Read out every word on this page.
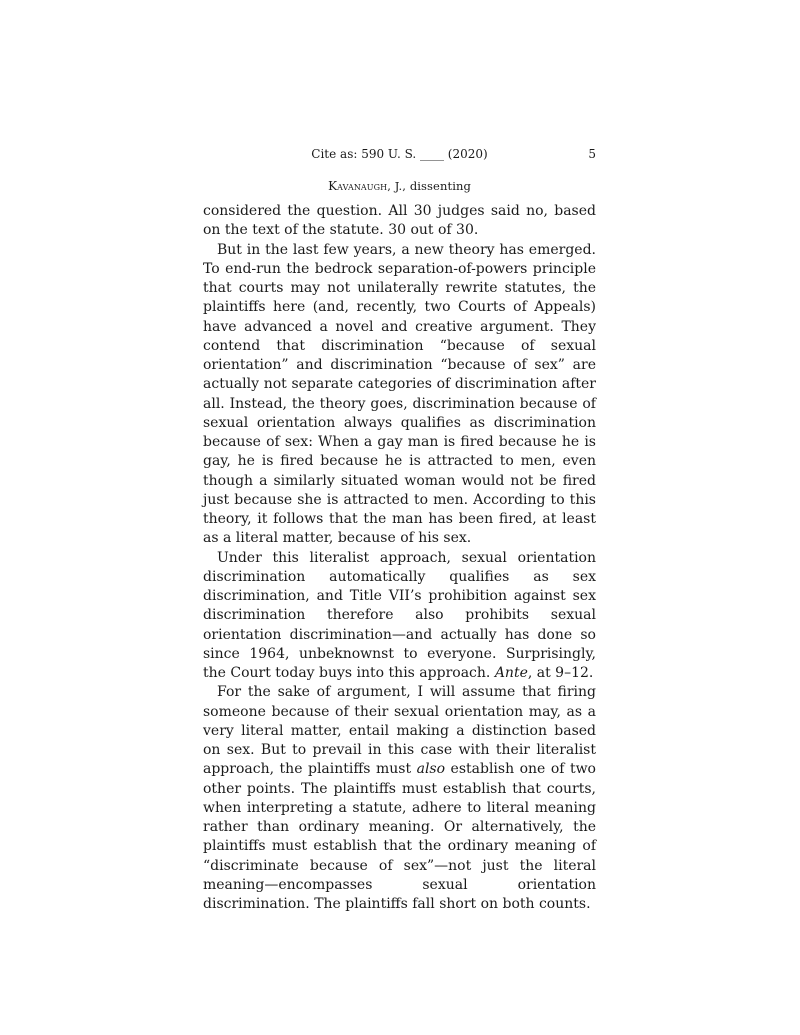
Cite as: 590 U. S. ____ (2020)	5
Kavanaugh, J., dissenting

considered the question. All 30 judges said no, based on the text of the statute. 30 out of 30.

But in the last few years, a new theory has emerged. To end-run the bedrock separation-of-powers principle that courts may not unilaterally rewrite statutes, the plaintiffs here (and, recently, two Courts of Appeals) have advanced a novel and creative argument. They contend that discrimination “because of sexual orientation” and discrimination “because of sex” are actually not separate categories of discrimination after all. Instead, the theory goes, discrimination because of sexual orientation always qualifies as discrimination because of sex: When a gay man is fired because he is gay, he is fired because he is attracted to men, even though a similarly situated woman would not be fired just because she is attracted to men. According to this theory, it follows that the man has been fired, at least as a literal matter, because of his sex.

Under this literalist approach, sexual orientation discrimination automatically qualifies as sex discrimination, and Title VII’s prohibition against sex discrimination therefore also prohibits sexual orientation discrimination—and actually has done so since 1964, unbeknownst to everyone. Surprisingly, the Court today buys into this approach. Ante, at 9–12.

For the sake of argument, I will assume that firing someone because of their sexual orientation may, as a very literal matter, entail making a distinction based on sex. But to prevail in this case with their literalist approach, the plaintiffs must also establish one of two other points. The plaintiffs must establish that courts, when interpreting a statute, adhere to literal meaning rather than ordinary meaning. Or alternatively, the plaintiffs must establish that the ordinary meaning of “discriminate because of sex”—not just the literal meaning—encompasses sexual orientation discrimination. The plaintiffs fall short on both counts.
